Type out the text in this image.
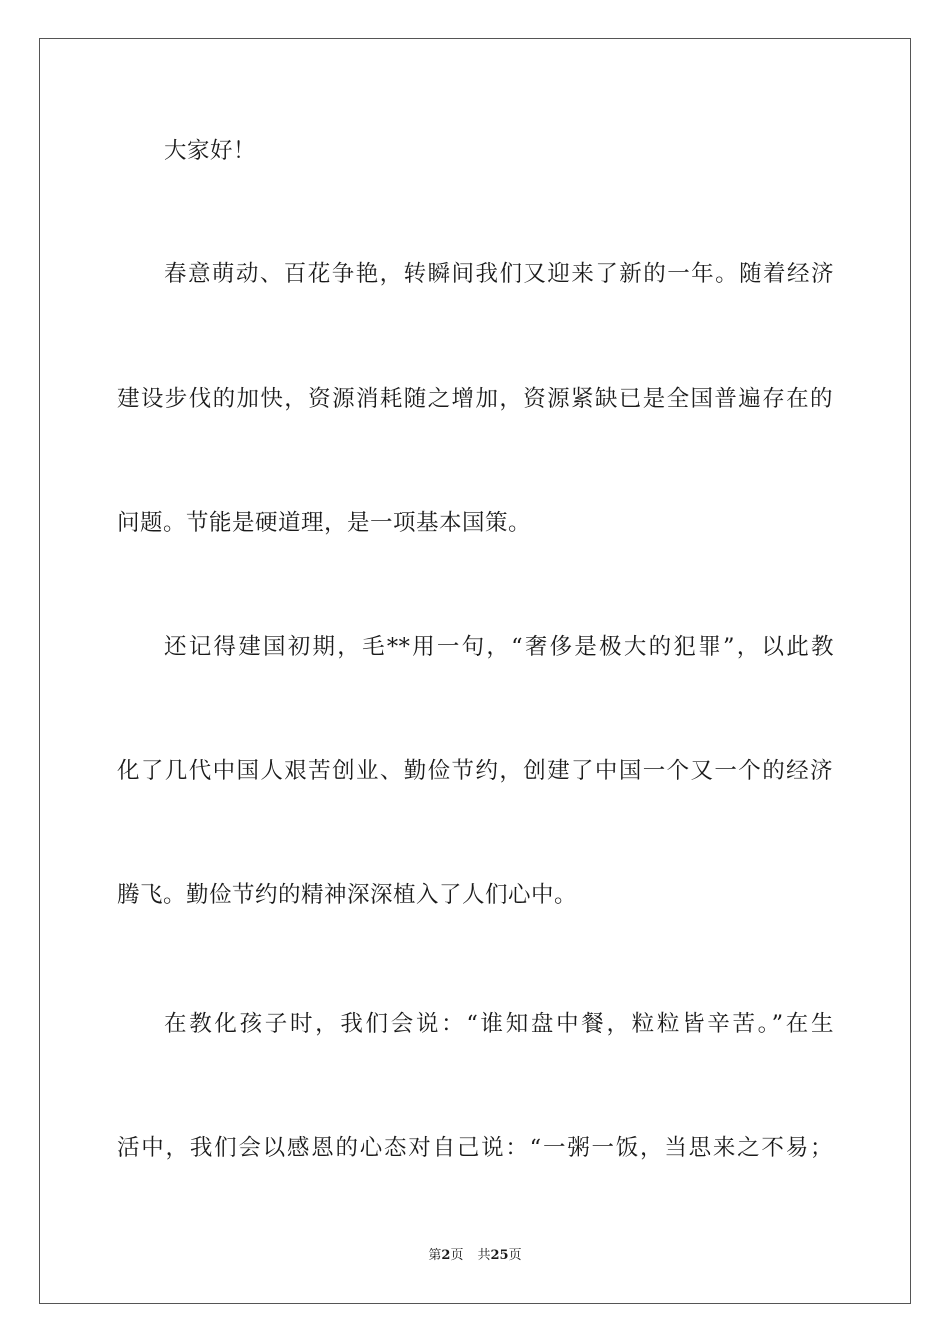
大家好！
春意萌动、百花争艳，转瞬间我们又迎来了新的一年。随着经济
建设步伐的加快，资源消耗随之增加，资源紧缺已是全国普遍存在的
问题。节能是硬道理，是一项基本国策。
还记得建国初期，毛**用一句，“奢侈是极大的犯罪”，以此教
化了几代中国人艰苦创业、勤俭节约，创建了中国一个又一个的经济
腾飞。勤俭节约的精神深深植入了人们心中。
在教化孩子时，我们会说：“谁知盘中餐，粒粒皆辛苦。”在生
活中，我们会以感恩的心态对自己说：“一粥一饭，当思来之不易；
第2页 共25页
